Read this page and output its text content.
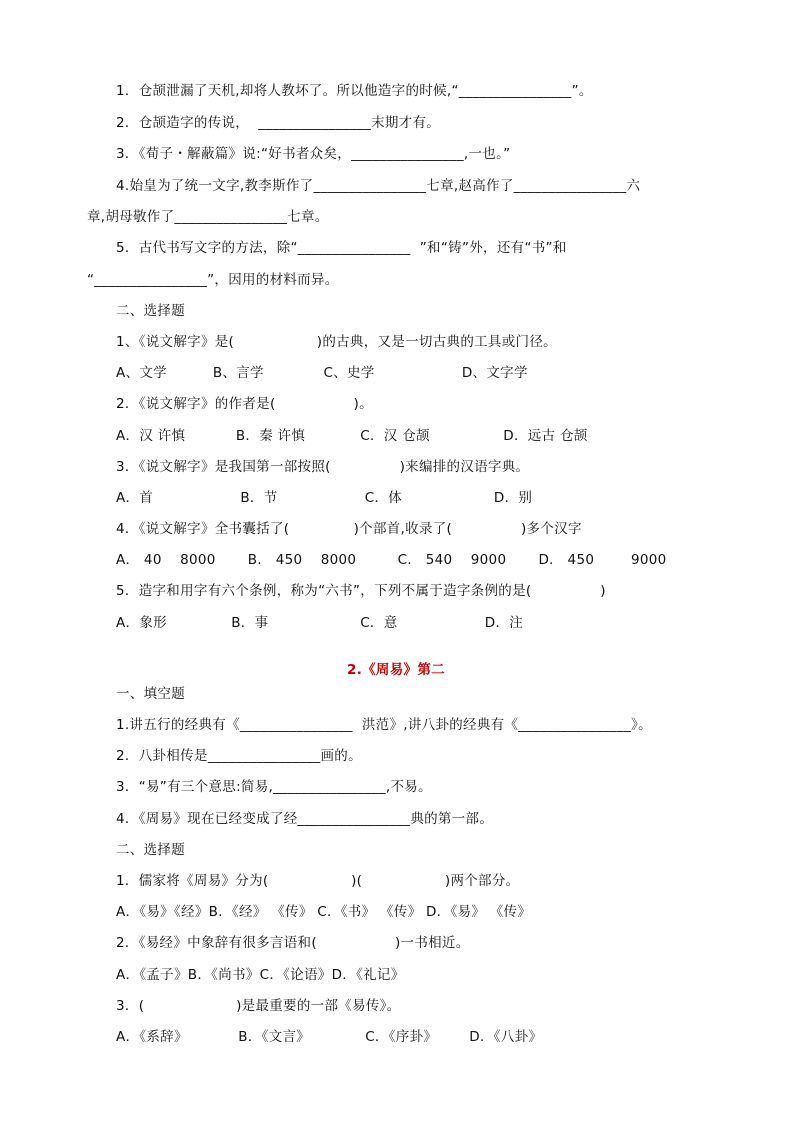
1．仓颉泄漏了天机,却将人教坏了。所以他造字的时候,“________________”。
2．仓颉造字的传说，  ________________末期才有。
3．《荀子・解蔽篇》说:“好书者众矣，________________,一也。”
4.始皇为了统一文字,教李斯作了________________七章,赵高作了________________六
章,胡母敬作了________________七章。
5．古代书写文字的方法，除“________________  ”和“铸”外，还有“书”和
“________________”，因用的材料而异。
二、选择题
1、《说文解字》是(                  )的古典，又是一切古典的工具或门径。
A、文学          B、言学             C、史学                   D、文字学
2．《说文解字》的作者是(                 )。
A．汉 许慎           B．秦 许慎            C．汉 仓颉                D．远古 仓颉
3．《说文解字》是我国第一部按照(               )来编排的汉语字典。
A．首                   B．节                   C．体                    D．别
4．《说文解字》全书囊括了(              )个部首,收录了(               )多个汉字
A． 40    8000       B． 450    8000         C． 540    9000       D． 450        9000
5．造字和用字有六个条例，称为“六书”，下列不属于造字条例的是(               )
A．象形              B．事                    C．意                   D．注
2.《周易》第二
一、填空题
1.讲五行的经典有《________________  洪范》,讲八卦的经典有《________________》。
2．八卦相传是________________画的。
3．“易”有三个意思:简易,________________,不易。
4．《周易》现在已经变成了经________________典的第一部。
二、选择题
1．儒家将《周易》分为(                  )(                  )两个部分。
A．《易》《经》B．《经》 《传》 C．《书》 《传》 D．《易》 《传》
2．《易经》中象辞有很多言语和(                 )一书相近。
A．《孟子》B．《尚书》C．《论语》D．《礼记》
3．(                    )是最重要的一部《易传》。
A．《系辞》           B．《文言》            C．《序卦》       D．《八卦》
